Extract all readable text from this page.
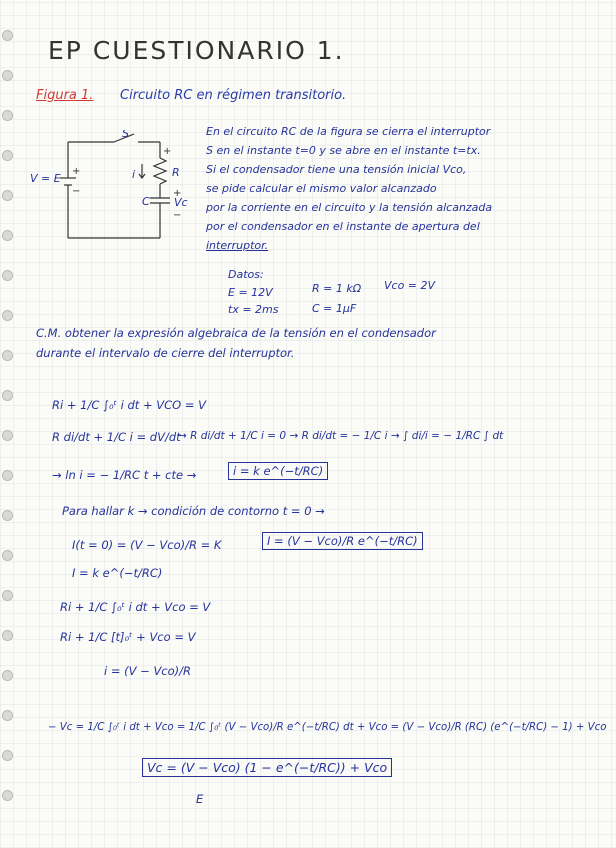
EP CUESTIONARIO 1.
Figura 1. Circuito RC en régimen transitorio.
V = E
S
R
C
i
Vc
+
−
+
+
−
En el circuito RC de la figura se cierra el interruptor
S en el instante t=0 y se abre en el instante t=tx.
Si el condensador tiene una tensión inicial Vco,
se pide calcular el mismo valor alcanzado
por la corriente en el circuito y la tensión alcanzada
por el condensador en el instante de apertura del
interruptor.
Datos:
E = 12V
tx = 2ms
R = 1 kΩ
C = 1μF
Vco = 2V
C.M. obtener la expresión algebraica de la tensión en el condensador
durante el intervalo de cierre del interruptor.
Ri + 1/C ∫₀ᵗ i dt + VCO = V
R di/dt + 1/C i = dV/dt
→ R di/dt + 1/C i = 0 → R di/dt = − 1/C i → ∫ di/i = − 1/RC ∫ dt
→ ln i = − 1/RC t + cte →	i = k e^(−t/RC)
Para hallar k → condición de contorno t = 0 →
I(t = 0) = (V − Vco)/R = K	I = (V − Vco)/R e^(−t/RC)
I = k e^(−t/RC)
Ri + 1/C ∫₀ᵗ i dt + Vco = V
Ri + 1/C [t]₀ᵗ + Vco = V
i = (V − Vco)/R
− Vc = 1/C ∫₀ᵗ i dt + Vco = 1/C ∫₀ᵗ (V − Vco)/R e^(−t/RC) dt + Vco = (V − Vco)/R (RC) (e^(−t/RC) − 1) + Vco
Vc = (V − Vco) (1 − e^(−t/RC)) + Vco
E
